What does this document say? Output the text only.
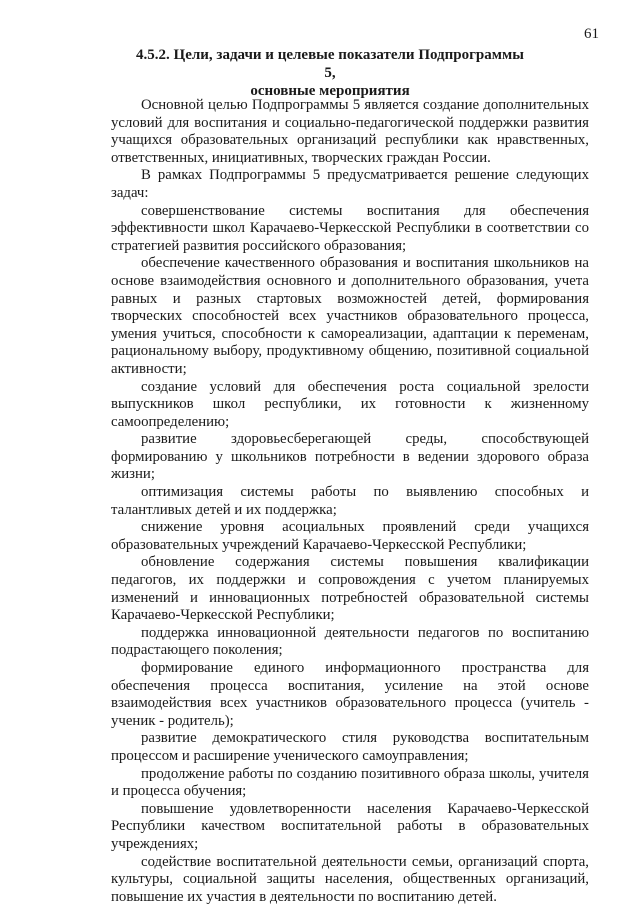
61
4.5.2. Цели, задачи и целевые показатели Подпрограммы 5,
основные мероприятия

Основной целью Подпрограммы 5 является создание дополнительных условий для воспитания и социально-педагогической поддержки развития учащихся образовательных организаций республики как нравственных, ответственных, инициативных, творческих граждан России.

В рамках Подпрограммы 5 предусматривается решение следующих задач:

совершенствование системы воспитания для обеспечения эффективности школ Карачаево-Черкесской Республики в соответствии со стратегией развития российского образования;

обеспечение качественного образования и воспитания школьников на основе взаимодействия основного и дополнительного образования, учета равных и разных стартовых возможностей детей, формирования творческих способностей всех участников образовательного процесса, умения учиться, способности к самореализации, адаптации к переменам, рациональному выбору, продуктивному общению, позитивной социальной активности;

создание условий для обеспечения роста социальной зрелости выпускников школ республики, их готовности к жизненному самоопределению;

развитие здоровьесберегающей среды, способствующей формированию у школьников потребности в ведении здорового образа жизни;

оптимизация системы работы по выявлению способных и талантливых детей и их поддержка;

снижение уровня асоциальных проявлений среди учащихся образовательных учреждений Карачаево-Черкесской Республики;

обновление содержания системы повышения квалификации педагогов, их поддержки и сопровождения с учетом планируемых изменений и инновационных потребностей образовательной системы Карачаево-Черкесской Республики;

поддержка инновационной деятельности педагогов по воспитанию подрастающего поколения;

формирование единого информационного пространства для обеспечения процесса воспитания, усиление на этой основе взаимодействия всех участников образовательного процесса (учитель - ученик - родитель);

развитие демократического стиля руководства воспитательным процессом и расширение ученического самоуправления;

продолжение работы по созданию позитивного образа школы, учителя и процесса обучения;

повышение удовлетворенности населения Карачаево-Черкесской Республики качеством воспитательной работы в образовательных учреждениях;

содействие воспитательной деятельности семьи, организаций спорта, культуры, социальной защиты населения, общественных организаций, повышение их участия в деятельности по воспитанию детей.
